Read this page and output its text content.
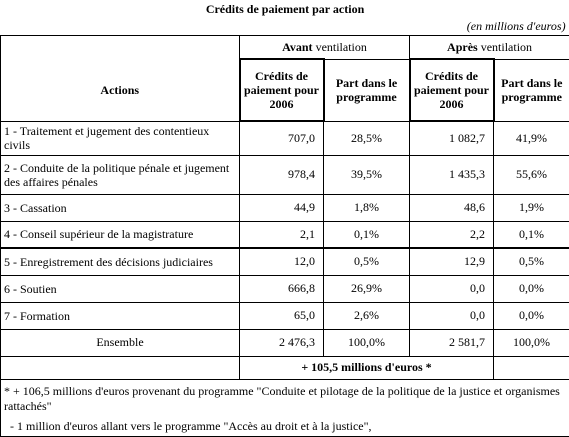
Crédits de paiement par action				
(en millions d'euros)				
	Avant ventilation		Après ventilation	
Actions	Crédits de paiement pour 2006	Part dans le programme	Crédits de paiement pour 2006	Part dans le programme
1 - Traitement et jugement des contentieux civils	707,0	28,5%	1 082,7	41,9%
2 - Conduite de la politique pénale et jugement des affaires pénales	978,4	39,5%	1 435,3	55,6%
3 - Cassation	44,9	1,8%	48,6	1,9%
4 - Conseil supérieur de la magistrature	2,1	0,1%	2,2	0,1%
5 - Enregistrement des décisions judiciaires	12,0	0,5%	12,9	0,5%
6 - Soutien	666,8	26,9%	0,0	0,0%
7 - Formation	65,0	2,6%	0,0	0,0%
Ensemble	2 476,3	100,0%	2 581,7	100,0%
	+ 105,5 millions d'euros *			
* + 106,5 millions d'euros provenant du programme "Conduite et pilotage de la politique de la justice et organismes rattachés"				
- 1 million d'euros allant vers le programme "Accès au droit et à la justice",				
